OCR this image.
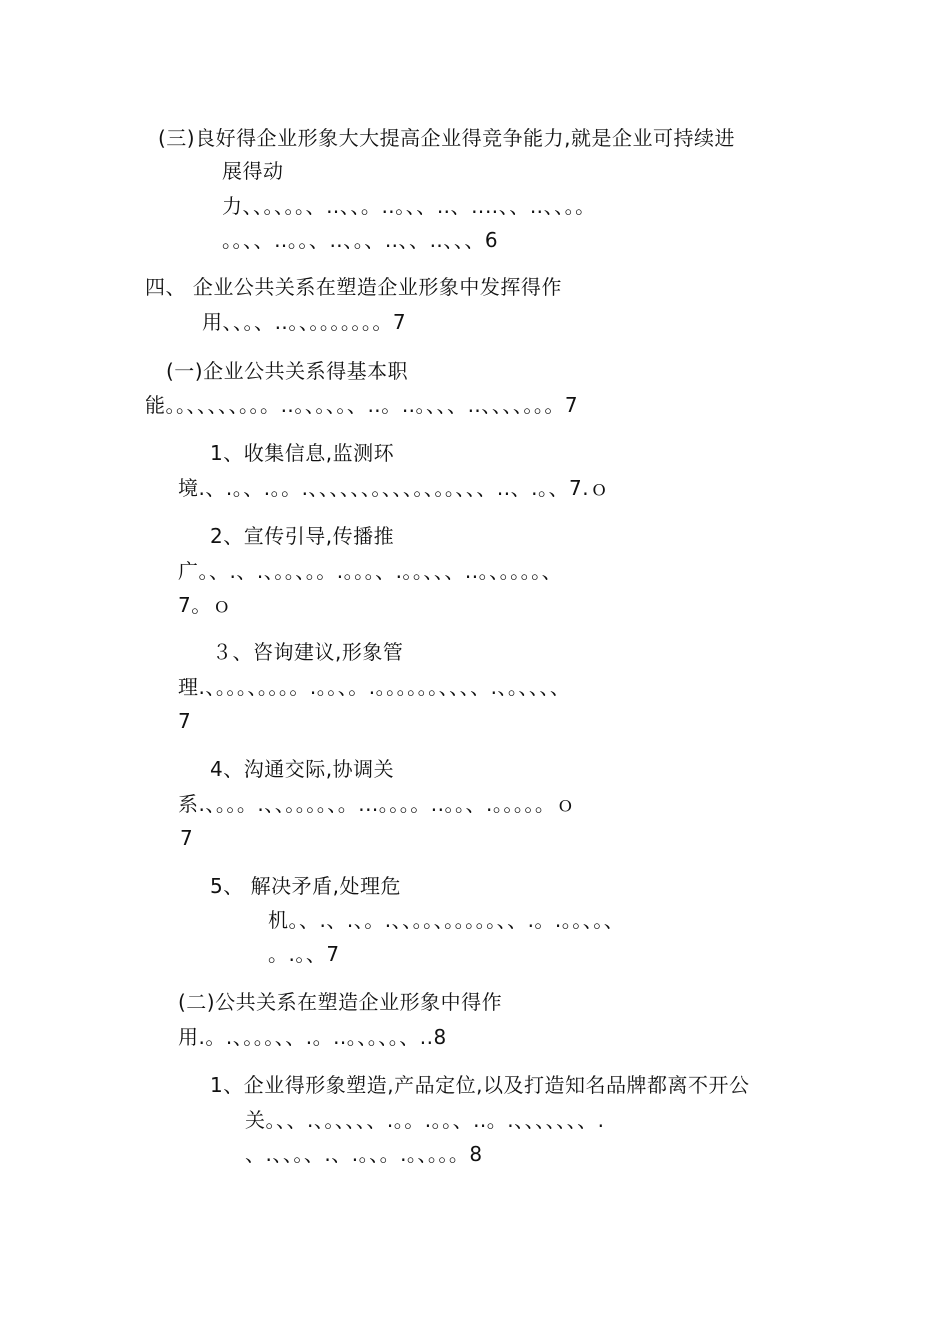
(三)良好得企业形象大大提高企业得竞争能力,就是企业可持续进
展得动
力、、。、。。、‥、、。‥。、、‥、‥‥、、‥、、。。
。。、、‥。。、‥、。、‥、、‥、、、6
四、 企业公共关系在塑造企业形象中发挥得作
用、、。、‥。、。。。。。。。7
(一)企业公共关系得基本职
能。。、、、、、。。。‥。、。、。、‥。‥。、、、‥、、、、。。。7
1、收集信息,监测环
境.、.。、.。。.、、、、、、。、、、。、。。、、、..、.。、7.ｏ
2、宣传引导,传播推
广。、.、.、。。、。。.。。。、.。。、、、..。、。。。。、
7。ｏ
３、咨询建议,形象管
理.、。。。、。。。。.。。、。.。。。。。。、、、、.、。、、、、
7
4、沟通交际,协调关
系.、。。。.、、。。。。、。...。。。。..。。、.。。。。。ｏ
7
5、 解决矛盾,处理危
机。、.、.、。.、、。。、。。。。。、、.。.。。、。、
。.。、7
(二)公共关系在塑造企业形象中得作
用.。.、。。。、、.。..。、。、。、..8
1、企业得形象塑造,产品定位,以及打造知名品牌都离不开公
关。、、.、。、、、、.。。.。。、..。.、、、、、、、.
、.、、。、.、.。、。.。、。。。8
